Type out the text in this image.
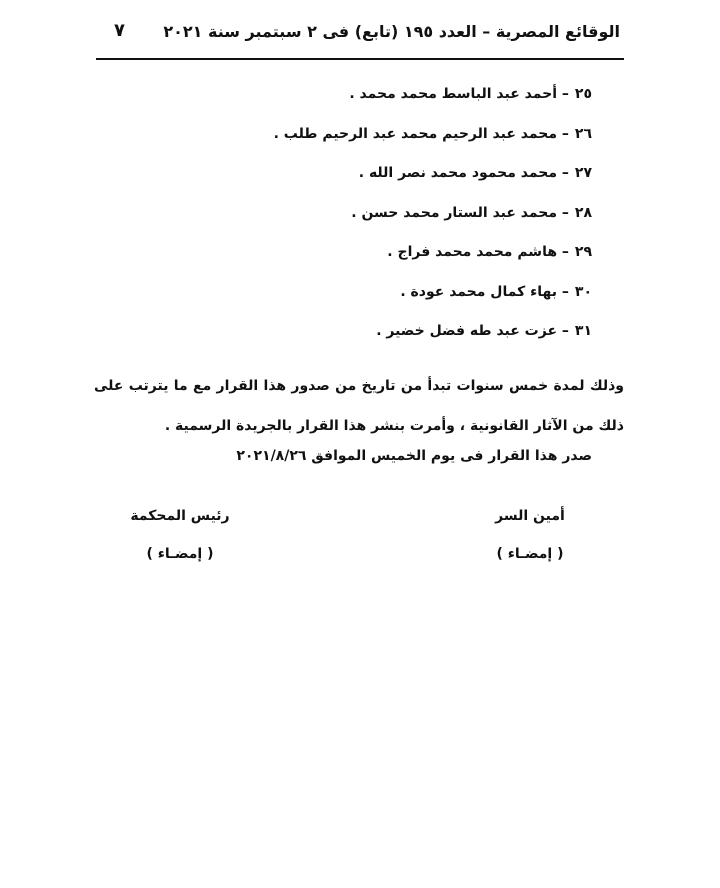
الوقائع المصرية – العدد ١٩٥ (تابع) فى ٢ سبتمبر سنة ٢٠٢١
٧
٢٥– أحمد عبد الباسط محمد محمد .
٢٦– محمد عبد الرحيم محمد عبد الرحيم طلب .
٢٧– محمد محمود محمد نصر الله .
٢٨– محمد عبد الستار محمد حسن .
٢٩– هاشم محمد محمد فراج .
٣٠– بهاء كمال محمد عودة .
٣١– عزت عبد طه فضل خضير .
وذلك لمدة خمس سنوات تبدأ من تاريخ من صدور هذا القرار مع ما يترتب على ذلك من الآثار القانونية ، وأمرت بنشر هذا القرار بالجريدة الرسمية .
صدر هذا القرار فى يوم الخميس الموافق ٢٠٢١/٨/٢٦
أمين السر
( إمضـاء )
رئيس المحكمة
( إمضـاء )
